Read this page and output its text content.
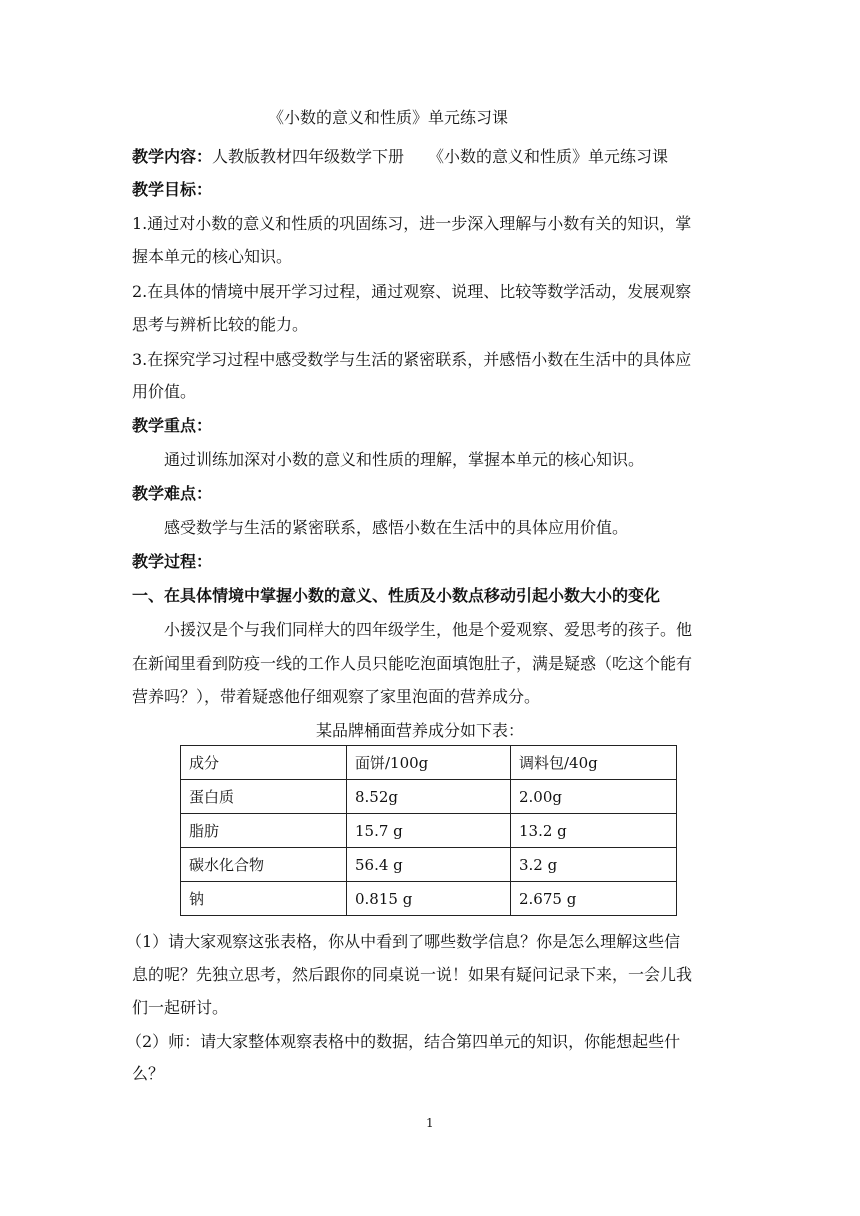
《小数的意义和性质》单元练习课
教学内容：人教版教材四年级数学下册　　《小数的意义和性质》单元练习课
教学目标：
1.通过对小数的意义和性质的巩固练习，进一步深入理解与小数有关的知识，掌
握本单元的核心知识。
2.在具体的情境中展开学习过程，通过观察、说理、比较等数学活动，发展观察
思考与辨析比较的能力。
3.在探究学习过程中感受数学与生活的紧密联系，并感悟小数在生活中的具体应
用价值。
教学重点：
通过训练加深对小数的意义和性质的理解，掌握本单元的核心知识。
教学难点：
感受数学与生活的紧密联系，感悟小数在生活中的具体应用价值。
教学过程：
一、在具体情境中掌握小数的意义、性质及小数点移动引起小数大小的变化
小援汉是个与我们同样大的四年级学生，他是个爱观察、爱思考的孩子。他
在新闻里看到防疫一线的工作人员只能吃泡面填饱肚子，满是疑惑（吃这个能有
营养吗？），带着疑惑他仔细观察了家里泡面的营养成分。
某品牌桶面营养成分如下表：
成分	面饼/100g	调料包/40g
蛋白质	8.52g	2.00g
脂肪	15.7 g	13.2 g
碳水化合物	56.4 g	3.2 g
钠	0.815 g	2.675 g
（1）请大家观察这张表格，你从中看到了哪些数学信息？你是怎么理解这些信
息的呢？先独立思考，然后跟你的同桌说一说！如果有疑问记录下来，一会儿我
们一起研讨。
（2）师：请大家整体观察表格中的数据，结合第四单元的知识，你能想起些什
么？
1
